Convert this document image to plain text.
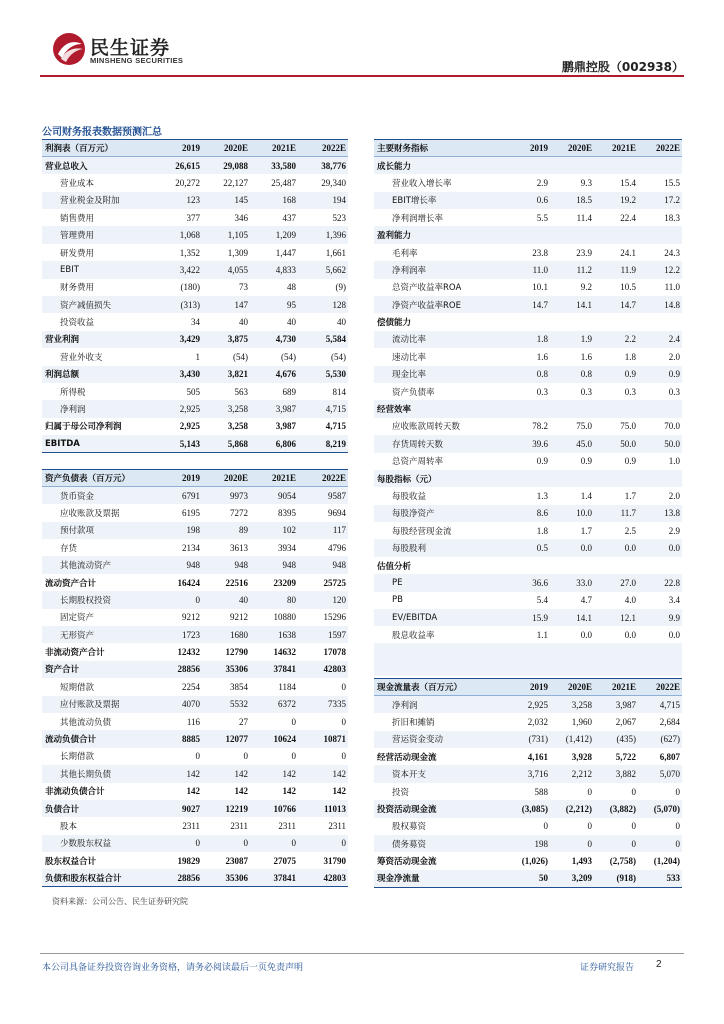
民生证券
MINSHENG SECURITIES	鹏鼎控股（002938）
公司财务报表数据预测汇总
利润表（百万元）	2019	2020E	2021E	2022E
营业总收入	26,615	29,088	33,580	38,776
营业成本	20,272	22,127	25,487	29,340
营业税金及附加	123	145	168	194
销售费用	377	346	437	523
管理费用	1,068	1,105	1,209	1,396
研发费用	1,352	1,309	1,447	1,661
EBIT	3,422	4,055	4,833	5,662
财务费用	(180)	73	48	(9)
资产减值损失	(313)	147	95	128
投资收益	34	40	40	40
营业利润	3,429	3,875	4,730	5,584
营业外收支	1	(54)	(54)	(54)
利润总额	3,430	3,821	4,676	5,530
所得税	505	563	689	814
净利润	2,925	3,258	3,987	4,715
归属于母公司净利润	2,925	3,258	3,987	4,715
EBITDA	5,143	5,868	6,806	8,219
资产负债表（百万元）	2019	2020E	2021E	2022E
货币资金	6791	9973	9054	9587
应收账款及票据	6195	7272	8395	9694
预付款项	198	89	102	117
存货	2134	3613	3934	4796
其他流动资产	948	948	948	948
流动资产合计	16424	22516	23209	25725
长期股权投资	0	40	80	120
固定资产	9212	9212	10880	15296
无形资产	1723	1680	1638	1597
非流动资产合计	12432	12790	14632	17078
资产合计	28856	35306	37841	42803
短期借款	2254	3854	1184	0
应付账款及票据	4070	5532	6372	7335
其他流动负债	116	27	0	0
流动负债合计	8885	12077	10624	10871
长期借款	0	0	0	0
其他长期负债	142	142	142	142
非流动负债合计	142	142	142	142
负债合计	9027	12219	10766	11013
股本	2311	2311	2311	2311
少数股东权益	0	0	0	0
股东权益合计	19829	23087	27075	31790
负债和股东权益合计	28856	35306	37841	42803
主要财务指标	2019	2020E	2021E	2022E
成长能力				
营业收入增长率	2.9	9.3	15.4	15.5
EBIT增长率	0.6	18.5	19.2	17.2
净利润增长率	5.5	11.4	22.4	18.3
盈利能力				
毛利率	23.8	23.9	24.1	24.3
净利润率	11.0	11.2	11.9	12.2
总资产收益率ROA	10.1	9.2	10.5	11.0
净资产收益率ROE	14.7	14.1	14.7	14.8
偿债能力				
流动比率	1.8	1.9	2.2	2.4
速动比率	1.6	1.6	1.8	2.0
现金比率	0.8	0.8	0.9	0.9
资产负债率	0.3	0.3	0.3	0.3
经营效率				
应收账款周转天数	78.2	75.0	75.0	70.0
存货周转天数	39.6	45.0	50.0	50.0
总资产周转率	0.9	0.9	0.9	1.0
每股指标（元）				
每股收益	1.3	1.4	1.7	2.0
每股净资产	8.6	10.0	11.7	13.8
每股经营现金流	1.8	1.7	2.5	2.9
每股股利	0.5	0.0	0.0	0.0
估值分析				
PE	36.6	33.0	27.0	22.8
PB	5.4	4.7	4.0	3.4
EV/EBITDA	15.9	14.1	12.1	9.9
股息收益率	1.1	0.0	0.0	0.0
现金流量表（百万元）	2019	2020E	2021E	2022E
净利润	2,925	3,258	3,987	4,715
折旧和摊销	2,032	1,960	2,067	2,684
营运资金变动	(731)	(1,412)	(435)	(627)
经营活动现金流	4,161	3,928	5,722	6,807
资本开支	3,716	2,212	3,882	5,070
投资	588	0	0	0
投资活动现金流	(3,085)	(2,212)	(3,882)	(5,070)
股权募资	0	0	0	0
债务募资	198	0	0	0
筹资活动现金流	(1,026)	1,493	(2,758)	(1,204)
现金净流量	50	3,209	(918)	533
资料来源：公司公告、民生证券研究院
本公司具备证券投资咨询业务资格，请务必阅读最后一页免责声明	证券研究报告 2
